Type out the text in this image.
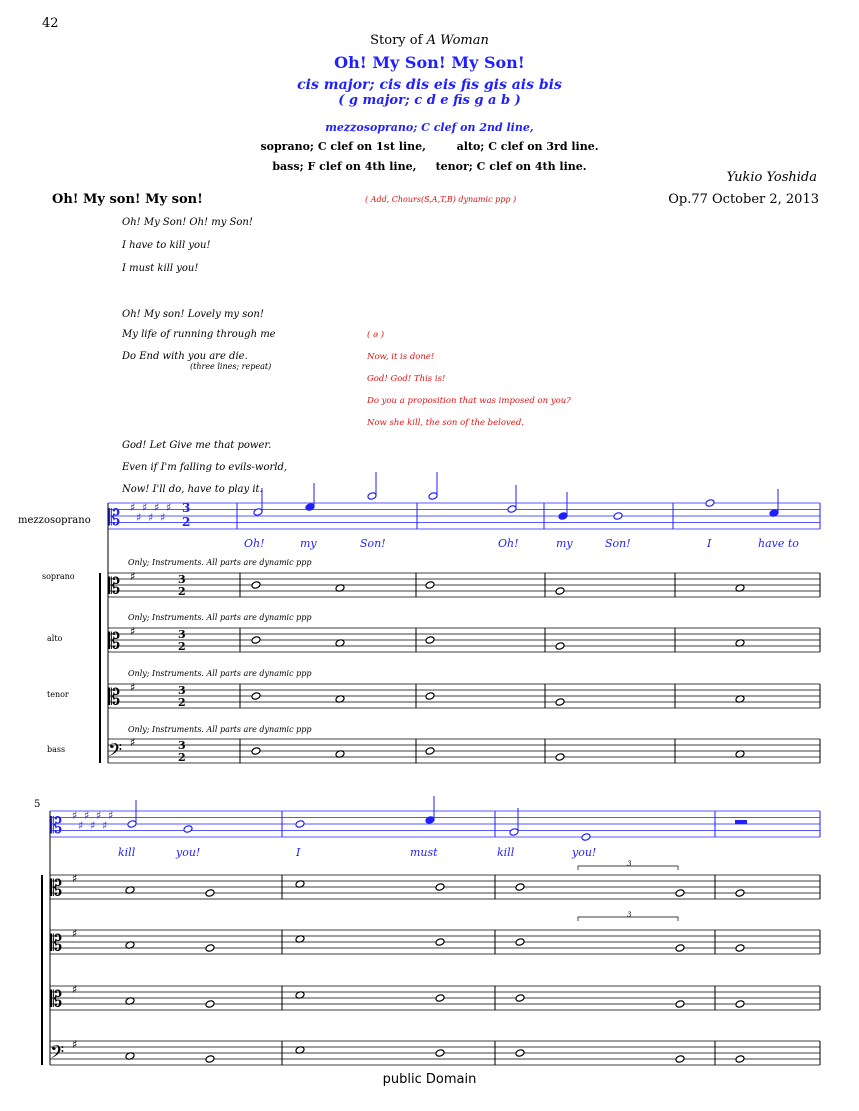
42
Story of A Woman
Oh! My Son! My Son!
cis major; cis dis eis fis gis ais bis
( g major; c d e fis g a b )
mezzosoprano; C clef on 2nd line,
soprano; C clef on 1st line,        alto; C clef on 3rd line.
bass; F clef on 4th line,     tenor; C clef on 4th line.
Yukio Yoshida
Oh! My son! My son!	( Add, Chours(S,A,T,B) dynamic ppp )	Op.77 October 2, 2013
Oh! My Son! Oh! my Son!
I have to kill you!
I must kill you!
Oh! My son! Lovely my son!
My life of running through me
Do End with you are die.
(three lines; repeat)
God! Let Give me that power.
Even if I'm falling to evils-world,
Now! I'll do, have to play it.
( ə )
Now, it is done!
God! God! This is!
Do you a proposition that was imposed on you?
Now she kill, the son of the beloved.
𝄡 ♯
♯
♯
♯
♯
♯
♯
𝄡 ♯
𝄡 ♯
𝄡 ♯
𝄢 ♯
𝄡 ♯
♯
♯
♯
♯
♯
♯
𝄡 ♯
𝄡 ♯
𝄡 ♯
𝄢 ♯
mezzosoprano
soprano
alto
tenor
bass
Only; Instruments. All parts are dynamic ppp
Only; Instruments. All parts are dynamic ppp
Only; Instruments. All parts are dynamic ppp
Only; Instruments. All parts are dynamic ppp
3
2
3
2
3
2
3
2
3
2
Oh!	my	Son!	Oh!	my	Son!	I	have to
5
kill	you!	I	must	kill	you!
3
3
public Domain
